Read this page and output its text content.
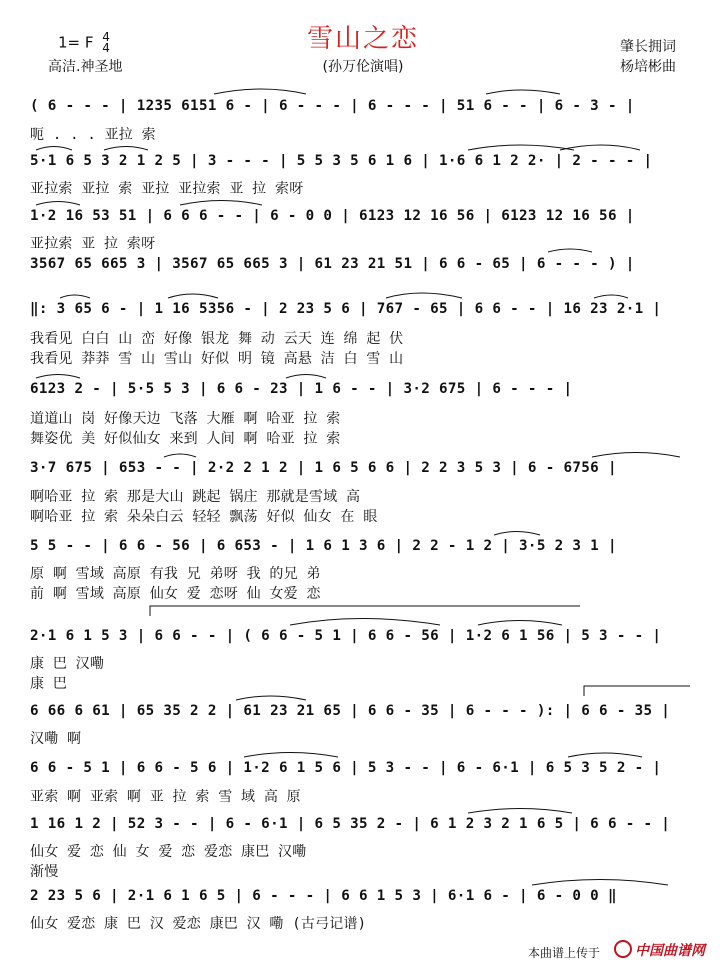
雪山之恋
1= F 4
4
高洁.神圣地	(孙万伦演唱)
肇长拥词
杨培彬曲
( 6 - - - | 1235 6151 6 - | 6 - - - | 6 - - - | 51 6 - - | 6 - 3 - |
呃 . . . 亚拉 索
5·1 6 5 3 2 1 2 5 | 3 - - - | 5 5 3 5 6 1 6 | 1·6 6 1 2 2· | 2 - - - |
亚拉索 亚拉 索 亚拉 亚拉索 亚 拉 索呀
1·2 16 53 51 | 6 6 6 - - | 6 - 0 0 | 6123 12 16 56 | 6123 12 16 56 |
亚拉索 亚 拉 索呀
3567 65 665 3 | 3567 65 665 3 | 61 23 21 51 | 6 6 - 65 | 6 - - - ) |
‖: 3 65 6 - | 1 16 5356 - | 2 23 5 6 | 767 - 65 | 6 6 - - | 16 23 2·1 |
我看见 白白 山 峦 好像 银龙 舞 动 云天 连 绵 起 伏
我看见 莽莽 雪 山 雪山 好似 明 镜 高悬 洁 白 雪 山
6123 2 - | 5·5 5 3 | 6 6 - 23 | 1 6 - - | 3·2 675 | 6 - - - |
道道山 岗 好像天边 飞落 大雁 啊 哈亚 拉 索
舞姿优 美 好似仙女 来到 人间 啊 哈亚 拉 索
3·7 675 | 653 - - | 2·2 2 1 2 | 1 6 5 6 6 | 2 2 3 5 3 | 6 - 6756 |
啊哈亚 拉 索 那是大山 跳起 锅庄 那就是雪域 高
啊哈亚 拉 索 朵朵白云 轻轻 飘荡 好似 仙女 在 眼
5 5 - - | 6 6 - 56 | 6 653 - | 1 6 1 3 6 | 2 2 - 1 2 | 3·5 2 3 1 |
原 啊 雪域 高原 有我 兄 弟呀 我 的兄 弟
前 啊 雪域 高原 仙女 爱 恋呀 仙 女爱 恋
2·1 6 1 5 3 | 6 6 - - | ( 6 6 - 5 1 | 6 6 - 56 | 1·2 6 1 56 | 5 3 - - |
康 巴 汉嘞
康 巴
6 66 6 61 | 65 35 2 2 | 61 23 21 65 | 6 6 - 35 | 6 - - - ): | 6 6 - 35 |
汉嘞 啊
6 6 - 5 1 | 6 6 - 5 6 | 1·2 6 1 5 6 | 5 3 - - | 6 - 6·1 | 6 5 3 5 2 - |
亚索 啊 亚索 啊 亚 拉 索 雪 域 高 原
1 16 1 2 | 52 3 - - | 6 - 6·1 | 6 5 35 2 - | 6 1 2 3 2 1 6 5 | 6 6 - - |
仙女 爱 恋 仙 女 爱 恋 爱恋 康巴 汉嘞
渐慢
2 23 5 6 | 2·1 6 1 6 5 | 6 - - - | 6 6 1 5 3 | 6·1 6 - | 6 - 0 0 ‖
仙女 爱恋 康 巴 汉 爱恋 康巴 汉 嘞 (古弓记谱)
本曲谱上传于	中国曲谱网
